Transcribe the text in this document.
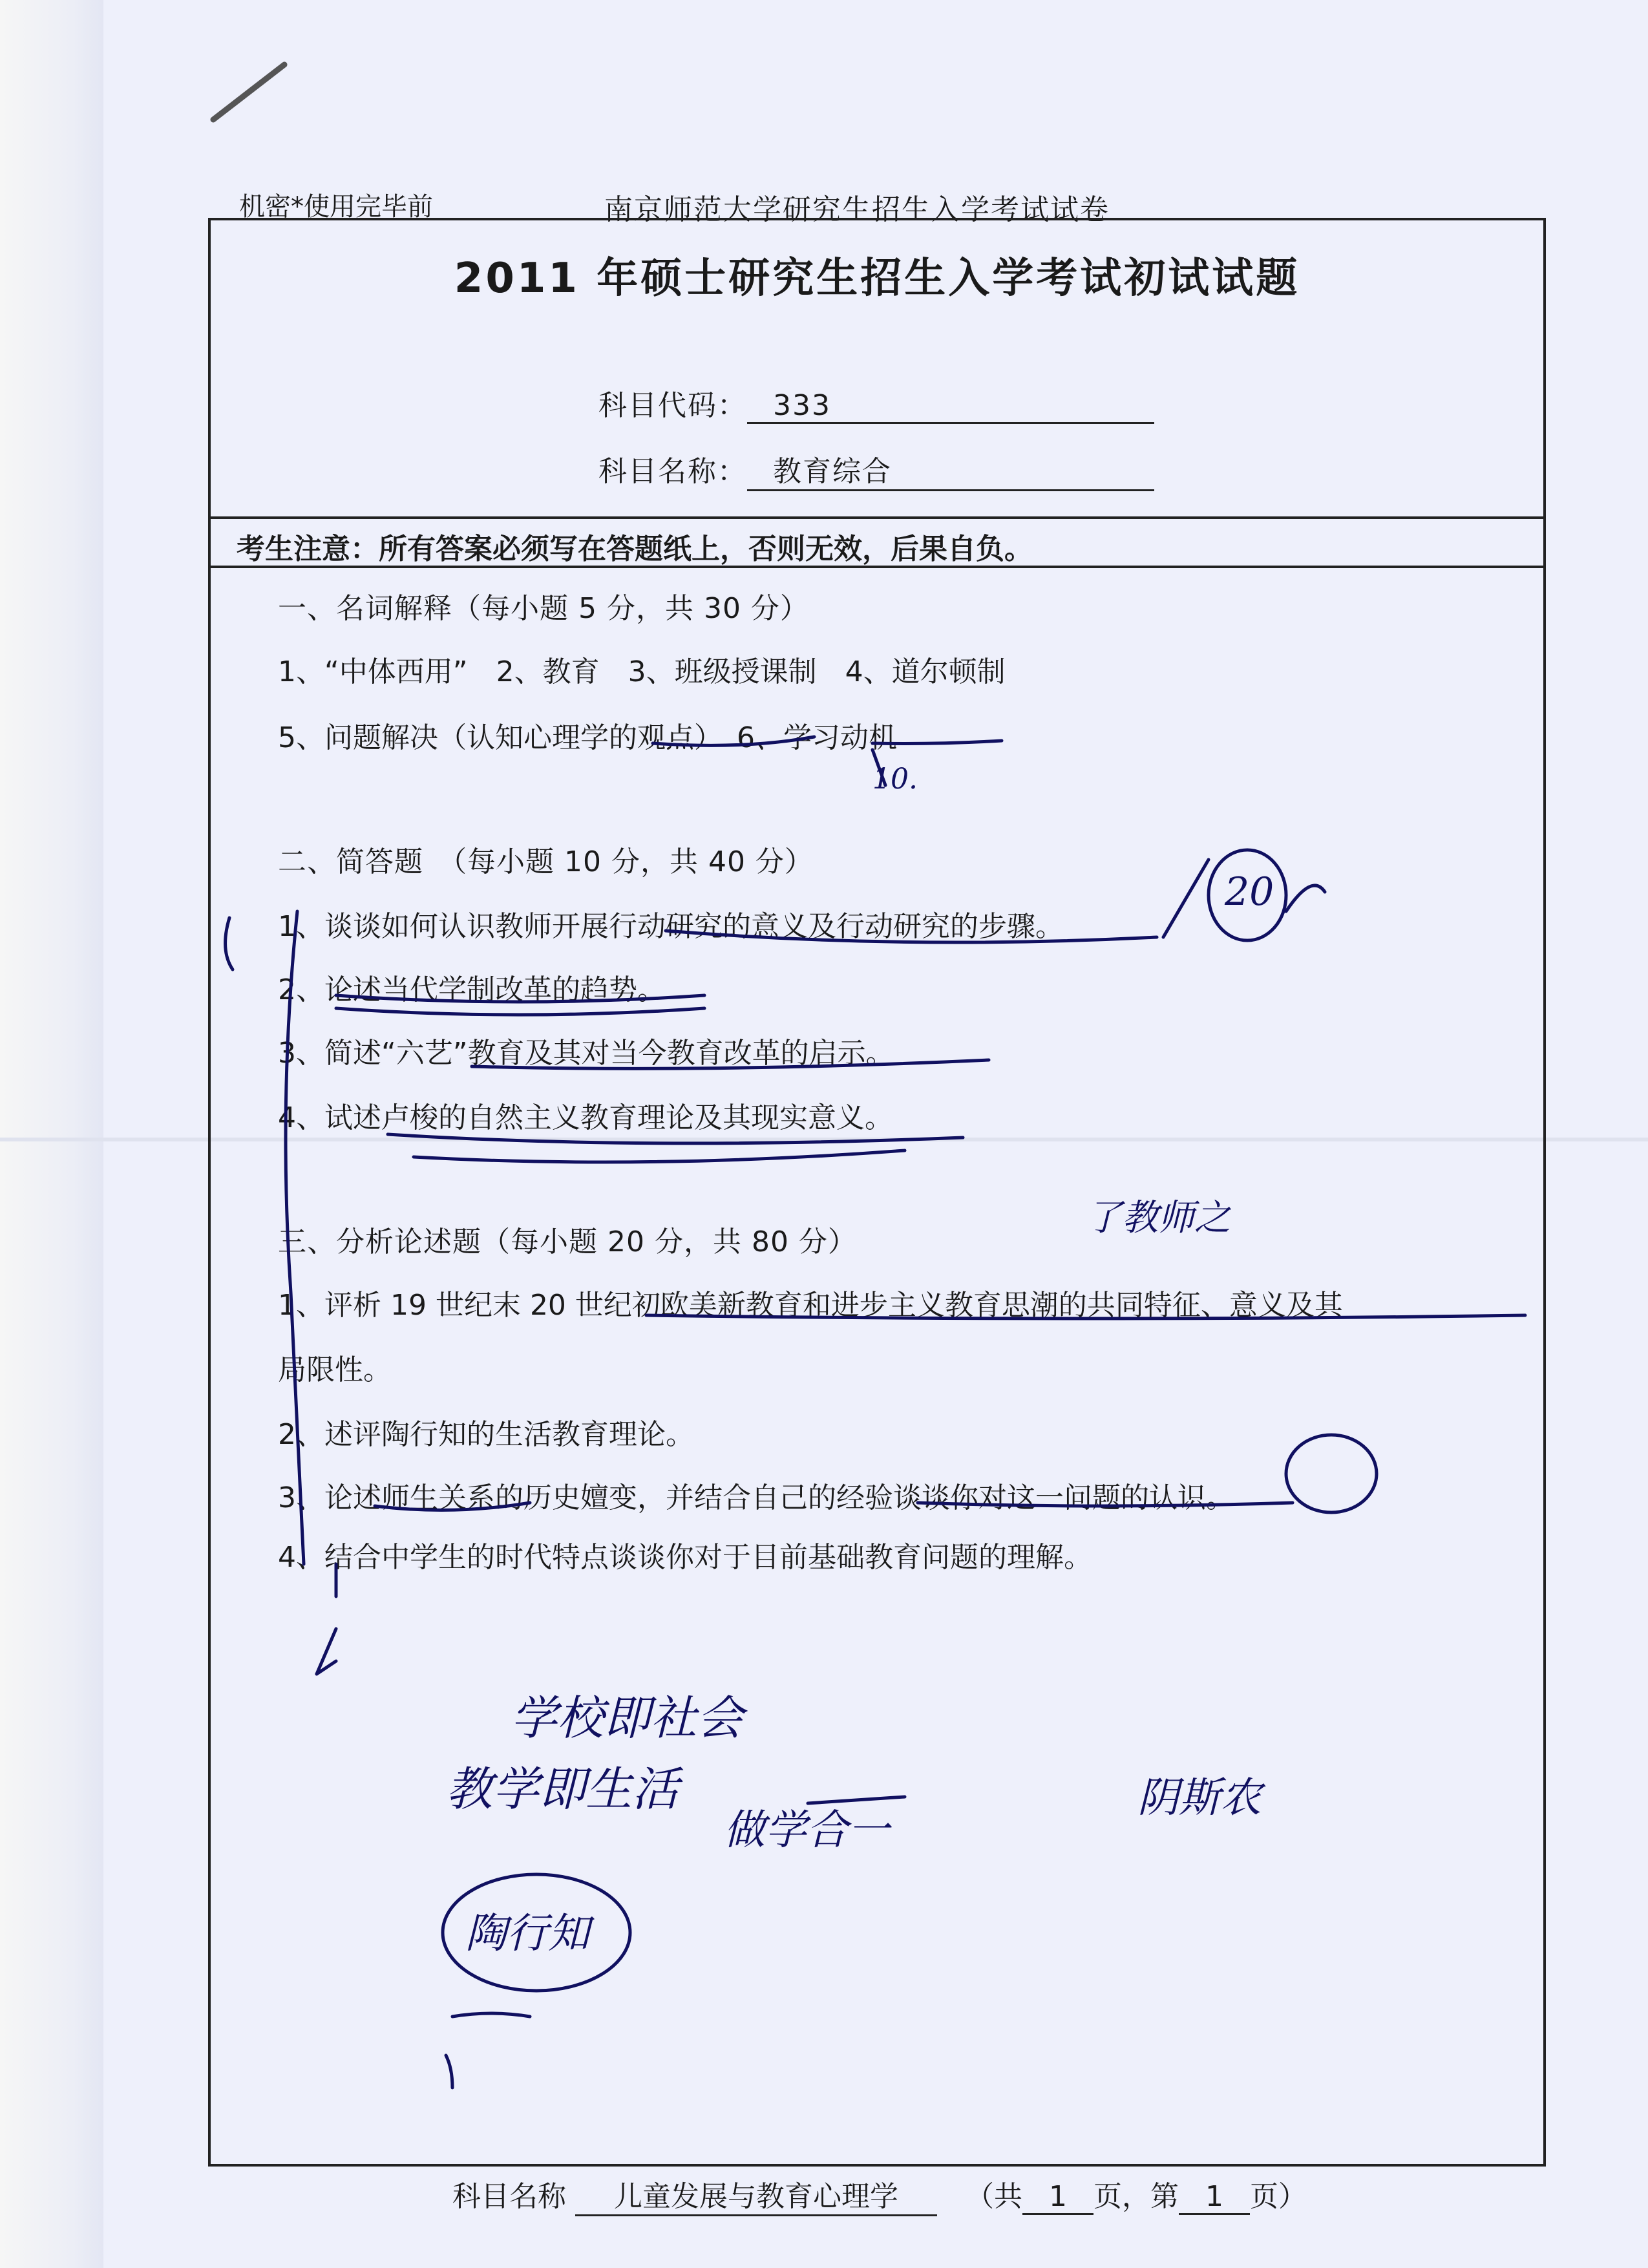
机密*使用完毕前	南京师范大学研究生招生入学考试试卷
2011 年硕士研究生招生入学考试初试试题
科目代码： 333
科目名称： 教育综合
考生注意：所有答案必须写在答题纸上，否则无效，后果自负。
一、名词解释（每小题 5 分，共 30 分）
1、“中体西用”　2、教育　3、班级授课制　4、道尔顿制
5、问题解决（认知心理学的观点）　6、学习动机
二、简答题　（每小题 10 分，共 40 分）
1、谈谈如何认识教师开展行动研究的意义及行动研究的步骤。
2、论述当代学制改革的趋势。
3、简述“六艺”教育及其对当今教育改革的启示。
4、试述卢梭的自然主义教育理论及其现实意义。
三、分析论述题（每小题 20 分，共 80 分）
1、评析 19 世纪末 20 世纪初欧美新教育和进步主义教育思潮的共同特征、意义及其
局限性。
2、述评陶行知的生活教育理论。
3、论述师生关系的历史嬗变，并结合自己的经验谈谈你对这一问题的认识。
4、结合中学生的时代特点谈谈你对于目前基础教育问题的理解。
科目名称 儿童发展与教育心理学 （共 1 页，第 1 页）
10.
20
了教师之
学校即社会
教学即生活
陶行知
做学合一
阴斯农
